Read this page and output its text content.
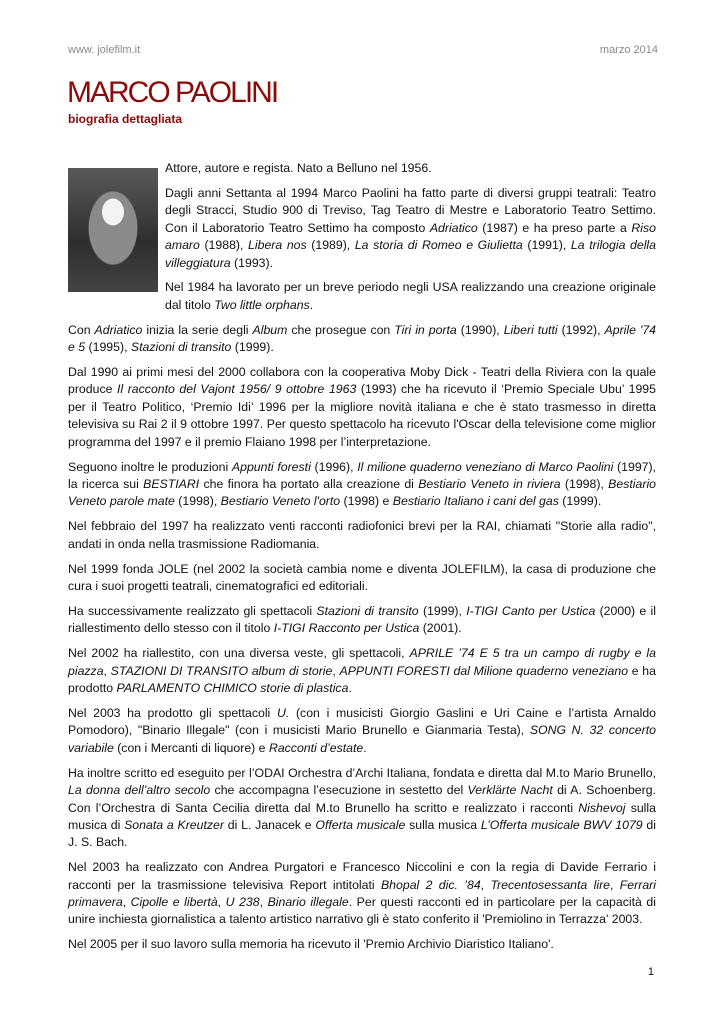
www. jolefilm.it	marzo 2014
MARCO PAOLINI
biografia dettagliata

Attore, autore e regista. Nato a Belluno nel 1956.

Dagli anni Settanta al 1994 Marco Paolini ha fatto parte di diversi gruppi teatrali: Teatro degli Stracci, Studio 900 di Treviso, Tag Teatro di Mestre e Laboratorio Teatro Settimo. Con il Laboratorio Teatro Settimo ha composto Adriatico (1987) e ha preso parte a Riso amaro (1988), Libera nos (1989), La storia di Romeo e Giulietta (1991), La trilogia della villeggiatura (1993).

Nel 1984 ha lavorato per un breve periodo negli USA realizzando una creazione originale dal titolo Two little orphans.

Con Adriatico inizia la serie degli Album che prosegue con Tiri in porta (1990), Liberi tutti (1992), Aprile '74 e 5 (1995), Stazioni di transito (1999).

Dal 1990 ai primi mesi del 2000 collabora con la cooperativa Moby Dick - Teatri della Riviera con la quale produce Il racconto del Vajont 1956/ 9 ottobre 1963 (1993) che ha ricevuto il ‘Premio Speciale Ubu’ 1995 per il Teatro Politico, ‘Premio Idi’ 1996 per la migliore novità italiana e che è stato trasmesso in diretta televisiva su Rai 2 il 9 ottobre 1997. Per questo spettacolo ha ricevuto l'Oscar della televisione come miglior programma del 1997 e il premio Flaiano 1998 per l’interpretazione.

Seguono inoltre le produzioni Appunti foresti (1996), Il milione quaderno veneziano di Marco Paolini (1997), la ricerca sui BESTIARI che finora ha portato alla creazione di Bestiario Veneto in riviera (1998), Bestiario Veneto parole mate (1998), Bestiario Veneto l'orto (1998) e Bestiario Italiano i cani del gas (1999).

Nel febbraio del 1997 ha realizzato venti racconti radiofonici brevi per la RAI, chiamati "Storie alla radio", andati in onda nella trasmissione Radiomania.

Nel 1999 fonda JOLE (nel 2002 la società cambia nome e diventa JOLEFILM), la casa di produzione che cura i suoi progetti teatrali, cinematografici ed editoriali.

Ha successivamente realizzato gli spettacoli Stazioni di transito (1999), I-TIGI Canto per Ustica (2000) e il riallestimento dello stesso con il titolo I-TIGI Racconto per Ustica (2001).

Nel 2002 ha riallestito, con una diversa veste, gli spettacoli, APRILE ’74 E 5 tra un campo di rugby e la piazza, STAZIONI DI TRANSITO album di storie, APPUNTI FORESTI dal Milione quaderno veneziano e ha prodotto PARLAMENTO CHIMICO storie di plastica.

Nel 2003 ha prodotto gli spettacoli U. (con i musicisti Giorgio Gaslini e Uri Caine e l’artista Arnaldo Pomodoro), "Binario Illegale" (con i musicisti Mario Brunello e Gianmaria Testa), SONG N. 32 concerto variabile (con i Mercanti di liquore) e Racconti d’estate.

Ha inoltre scritto ed eseguito per l’ODAI Orchestra d’Archi Italiana, fondata e diretta dal M.to Mario Brunello, La donna dell’altro secolo che accompagna l’esecuzione in sestetto del Verklärte Nacht di A. Schoenberg. Con l’Orchestra di Santa Cecilia diretta dal M.to Brunello ha scritto e realizzato i racconti Nishevoj sulla musica di Sonata a Kreutzer di L. Janacek e Offerta musicale sulla musica L’Offerta musicale BWV 1079 di J. S. Bach.

Nel 2003 ha realizzato con Andrea Purgatori e Francesco Niccolini e con la regia di Davide Ferrario i racconti per la trasmissione televisiva Report intitolati Bhopal 2 dic. ’84, Trecentosessanta lire, Ferrari primavera, Cipolle e libertà, U 238, Binario illegale. Per questi racconti ed in particolare per la capacità di unire inchiesta giornalistica a talento artistico narrativo gli è stato conferito il 'Premiolino in Terrazza' 2003.

Nel 2005 per il suo lavoro sulla memoria ha ricevuto il 'Premio Archivio Diaristico Italiano'.

1
